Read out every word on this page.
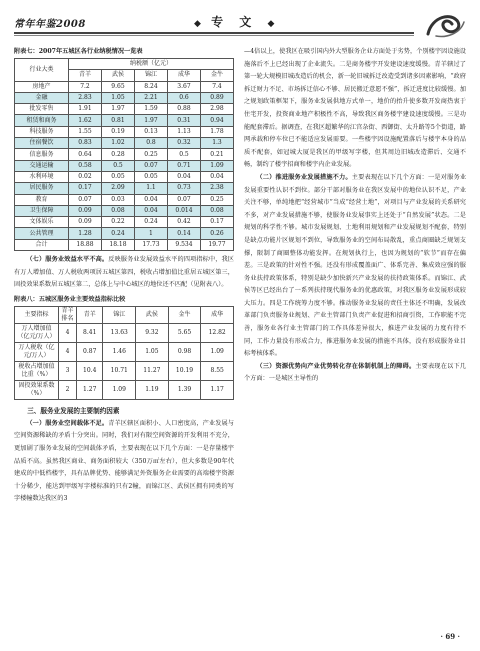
常年年鉴2008	◆ 专 文 ◆
附表七：2007年五城区各行业纳税情况一览表
行业大类	纳税额（亿元）				
	青羊	武侯	锦江	成华	金牛
房地产	7.2	9.65	8.24	3.67	7.4
金融	2.83	1.05	2.21	0.6	0.89
批发零售	1.91	1.97	1.59	0.88	2.98
租赁和商务	1.62	0.81	1.97	0.31	0.94
科技服务	1.55	0.19	0.13	1.13	1.78
住宿餐饮	0.83	1.02	0.8	0.32	1.3
信息服务	0.64	0.28	0.25	0.5	0.21
交通运输	0.58	0.5	0.07	0.71	1.09
水利环境	0.02	0.05	0.05	0.04	0.04
居民服务	0.17	2.09	1.1	0.73	2.38
教育	0.07	0.03	0.04	0.07	0.25
卫生保障	0.09	0.08	0.04	0.014	0.08
文体娱乐	0.09	0.22	0.24	0.42	0.17
公共管理	1.28	0.24	1	0.14	0.26
合计	18.88	18.18	17.73	9.534	19.77

（七）服务业效益水平不高。反映服务业发展效益水平的四项指标中，我区有万人增加值、万人税收两项居五城区第四，税收占增加值比重居五城区第三，固投效果系数居五城区第二，总体上与中心城区的地位还不匹配（见附表八）。

附表八：五城区服务业主要效益指标比较
主要指标	青羊排名	青羊	锦江	武侯	金牛	成华
万人增加值（亿元/万人）	4	8.41	13.63	9.32	5.65	12.82
万人税收（亿元/万人）	4	0.87	1.46	1.05	0.98	1.09
税收占增加值比重（%）	3	10.4	10.71	11.27	10.19	8.55
固投效果系数（%）	2	1.27	1.09	1.19	1.39	1.17
三、服务业发展的主要制约因素

（一）服务业空间载体不足。青羊区辖区面积小、人口密度高，产业发展与空间资源稀缺的矛盾十分突出。同时，我们对有限空间资源的开发利用不充分，更加剧了服务业发展的空间载体矛盾，主要表现在以下几个方面：一是存量楼宇品质不高。虽然我区商业、商务面积较大（350万㎡左右），但大多数是90年代建成的中低档楼宇，具有品牌优势、能够满足外资服务企业需要的高端楼宇资源十分稀少，能达到甲级写字楼标准的只有2幢，而锦江区、武侯区拥有同类的写字楼幢数达我区的3

—4倍以上，使我区在吸引国内外大型服务企业方面处于劣势，个别楼宇因设施设施落后不上已经出现了企业流失。二是商务楼宇开发建设速度缓慢。青羊辖过了第一轮大规模旧城改造后的机会，新一轮旧城拆迁改造受到诸多因素影响，“政府拆迁财力不足、市场拆迁信心不够、居民搬迁意愿不强”，拆迁进度比较缓慢。加之规划政策框架下，服务业发展供地方式单一，地价的抬升使多数开发商热衷于住宅开发，投资商业地产积极性不高，导致我区商务楼宇建设速度缓慢。三是功能配套滞后。据调查，在我区超繁华的江宫杂街、西御街、太升路等5个街道，路网承载和停车位已不能适应发展需要。一些楼宇因设施配置落后与楼宇本身的品质不配套，如冠城大厦是我区的甲级写字楼，但其周边旧城改造滞后、交通不畅，制约了楼宇招商和楼宇内企业发展。

（二）推进服务业发展措施不力。主要表现在以下几个方面：一是对服务业发展重要性认识不到位。部分干部对服务业在我区发展中的地位认识不足，产业关注不够，单纯地把“经营城市”当成“经营土地”，对项目与产业发展的关系研究不多，对产业发展措施不够，使服务业发展事实上还处于“自然发展”状态。二是规划的科学性不够。城市发展规划、土地利用规划和产业发展规划不配套，特别是缺点功能片区规划不到位，导致服务业的空间布局散乱，重点商圈缺乏规划支撑，限制了商圈整体功能发挥。在规划执行上，也因为规划的“软节”而存在偏差。三是政策的针对性不强。还没有形成覆盖面广、体系完善、集成效应强的服务业扶持政策体系，特别是缺少加快新兴产业发展的扶持政策体系。而锦江、武侯等区已经出台了一系列扶持现代服务业的优惠政策，对我区服务业发展形成较大压力。四是工作统筹力度不够。推动服务业发展的责任主体还不明确，发展改革部门负责服务业规划、产业主管部门负责产业促进和招商引资，工作职能不完善，服务业各行业主管部门的工作具体差异很大，推进产业发展的力度有待不同，工作力量没有形成合力，推进服务业发展的措施不具体，没有形成服务业目标考核体系。

（三）资源优势向产业优势转化存在体制机制上的障碍。主要表现在以下几个方面：一是城区主导性的

· 69 ·
